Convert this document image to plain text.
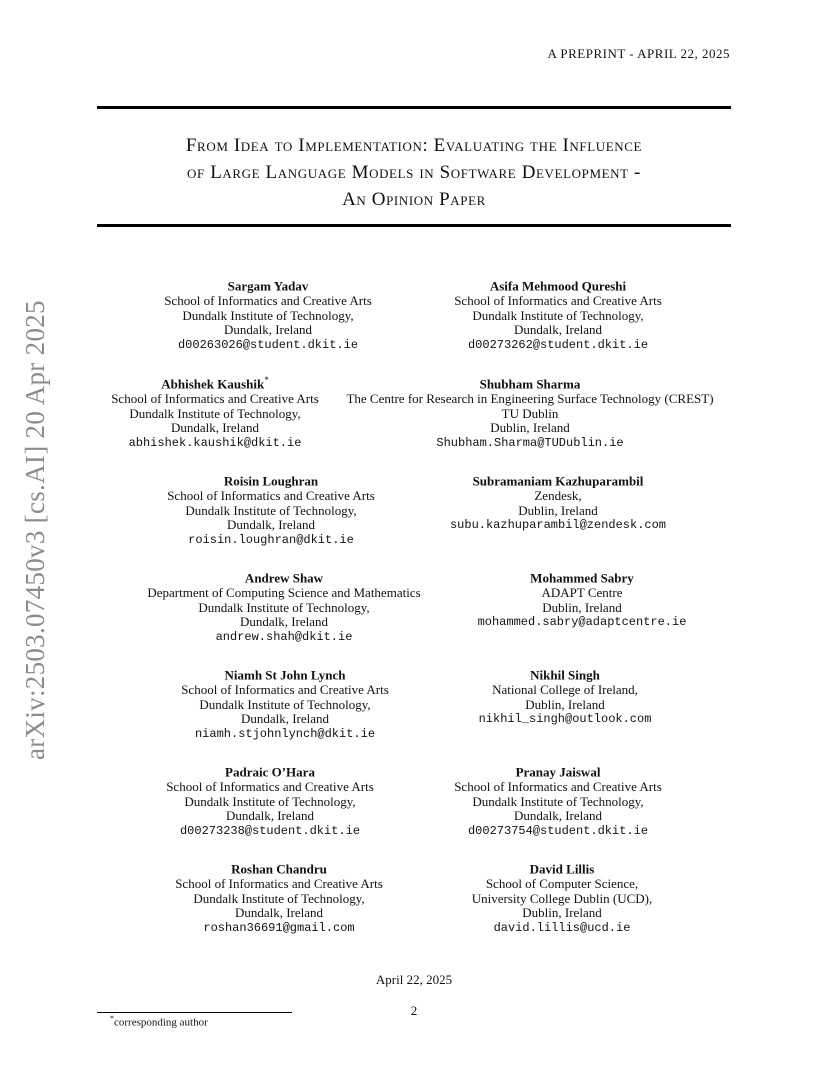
A PREPRINT - APRIL 22, 2025
From Idea to Implementation: Evaluating the Influence
of Large Language Models in Software Development -
An Opinion Paper
arXiv:2503.07450v3 [cs.AI] 20 Apr 2025
Sargam Yadav
School of Informatics and Creative Arts
Dundalk Institute of Technology,
Dundalk, Ireland
d00263026@student.dkit.ie
Asifa Mehmood Qureshi
School of Informatics and Creative Arts
Dundalk Institute of Technology,
Dundalk, Ireland
d00273262@student.dkit.ie
Abhishek Kaushik*
School of Informatics and Creative Arts
Dundalk Institute of Technology,
Dundalk, Ireland
abhishek.kaushik@dkit.ie
Shubham Sharma
The Centre for Research in Engineering Surface Technology (CREST)
TU Dublin
Dublin, Ireland
Shubham.Sharma@TUDublin.ie
Roisin Loughran
School of Informatics and Creative Arts
Dundalk Institute of Technology,
Dundalk, Ireland
roisin.loughran@dkit.ie
Subramaniam Kazhuparambil
Zendesk,
Dublin, Ireland
subu.kazhuparambil@zendesk.com
Andrew Shaw
Department of Computing Science and Mathematics
Dundalk Institute of Technology,
Dundalk, Ireland
andrew.shah@dkit.ie
Mohammed Sabry
ADAPT Centre
Dublin, Ireland
mohammed.sabry@adaptcentre.ie
Niamh St John Lynch
School of Informatics and Creative Arts
Dundalk Institute of Technology,
Dundalk, Ireland
niamh.stjohnlynch@dkit.ie
Nikhil Singh
National College of Ireland,
Dublin, Ireland
nikhil_singh@outlook.com
Padraic O’Hara
School of Informatics and Creative Arts
Dundalk Institute of Technology,
Dundalk, Ireland
d00273238@student.dkit.ie
Pranay Jaiswal
School of Informatics and Creative Arts
Dundalk Institute of Technology,
Dundalk, Ireland
d00273754@student.dkit.ie
Roshan Chandru
School of Informatics and Creative Arts
Dundalk Institute of Technology,
Dundalk, Ireland
roshan36691@gmail.com
David Lillis
School of Computer Science,
University College Dublin (UCD),
Dublin, Ireland
david.lillis@ucd.ie
April 22, 2025
2
*corresponding author
